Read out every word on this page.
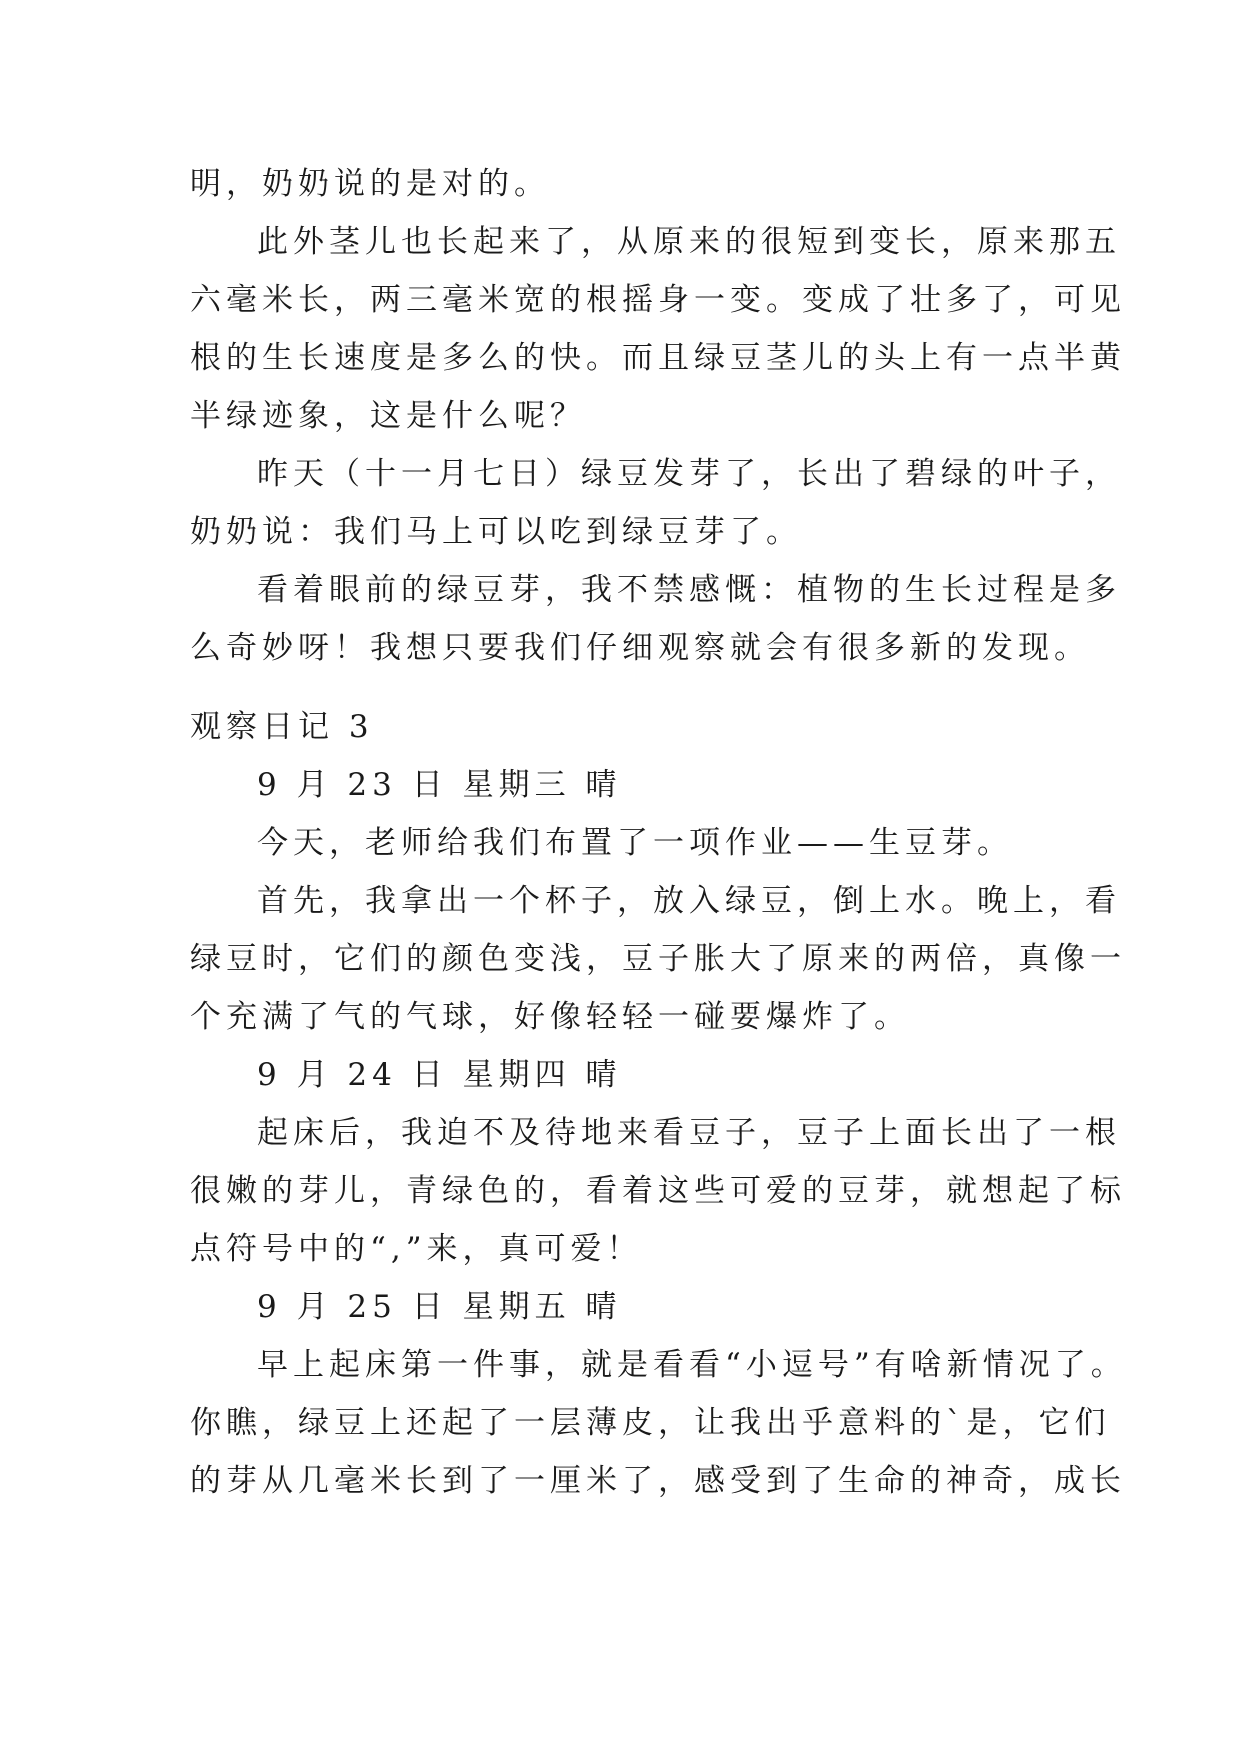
明，奶奶说的是对的。
此外茎儿也长起来了，从原来的很短到变长，原来那五
六毫米长，两三毫米宽的根摇身一变。变成了壮多了，可见
根的生长速度是多么的快。而且绿豆茎儿的头上有一点半黄
半绿迹象，这是什么呢？
昨天（十一月七日）绿豆发芽了，长出了碧绿的叶子，
奶奶说：我们马上可以吃到绿豆芽了。
看着眼前的绿豆芽，我不禁感慨：植物的生长过程是多
么奇妙呀！我想只要我们仔细观察就会有很多新的发现。
观察日记 3
9 月 23 日 星期三 晴
今天，老师给我们布置了一项作业——生豆芽。
首先，我拿出一个杯子，放入绿豆，倒上水。晚上，看
绿豆时，它们的颜色变浅，豆子胀大了原来的两倍，真像一
个充满了气的气球，好像轻轻一碰要爆炸了。
9 月 24 日 星期四 晴
起床后，我迫不及待地来看豆子，豆子上面长出了一根
很嫩的芽儿，青绿色的，看着这些可爱的豆芽，就想起了标
点符号中的“,”来，真可爱！
9 月 25 日 星期五 晴
早上起床第一件事，就是看看“小逗号”有啥新情况了。
你瞧，绿豆上还起了一层薄皮，让我出乎意料的`是，它们
的芽从几毫米长到了一厘米了，感受到了生命的神奇，成长
